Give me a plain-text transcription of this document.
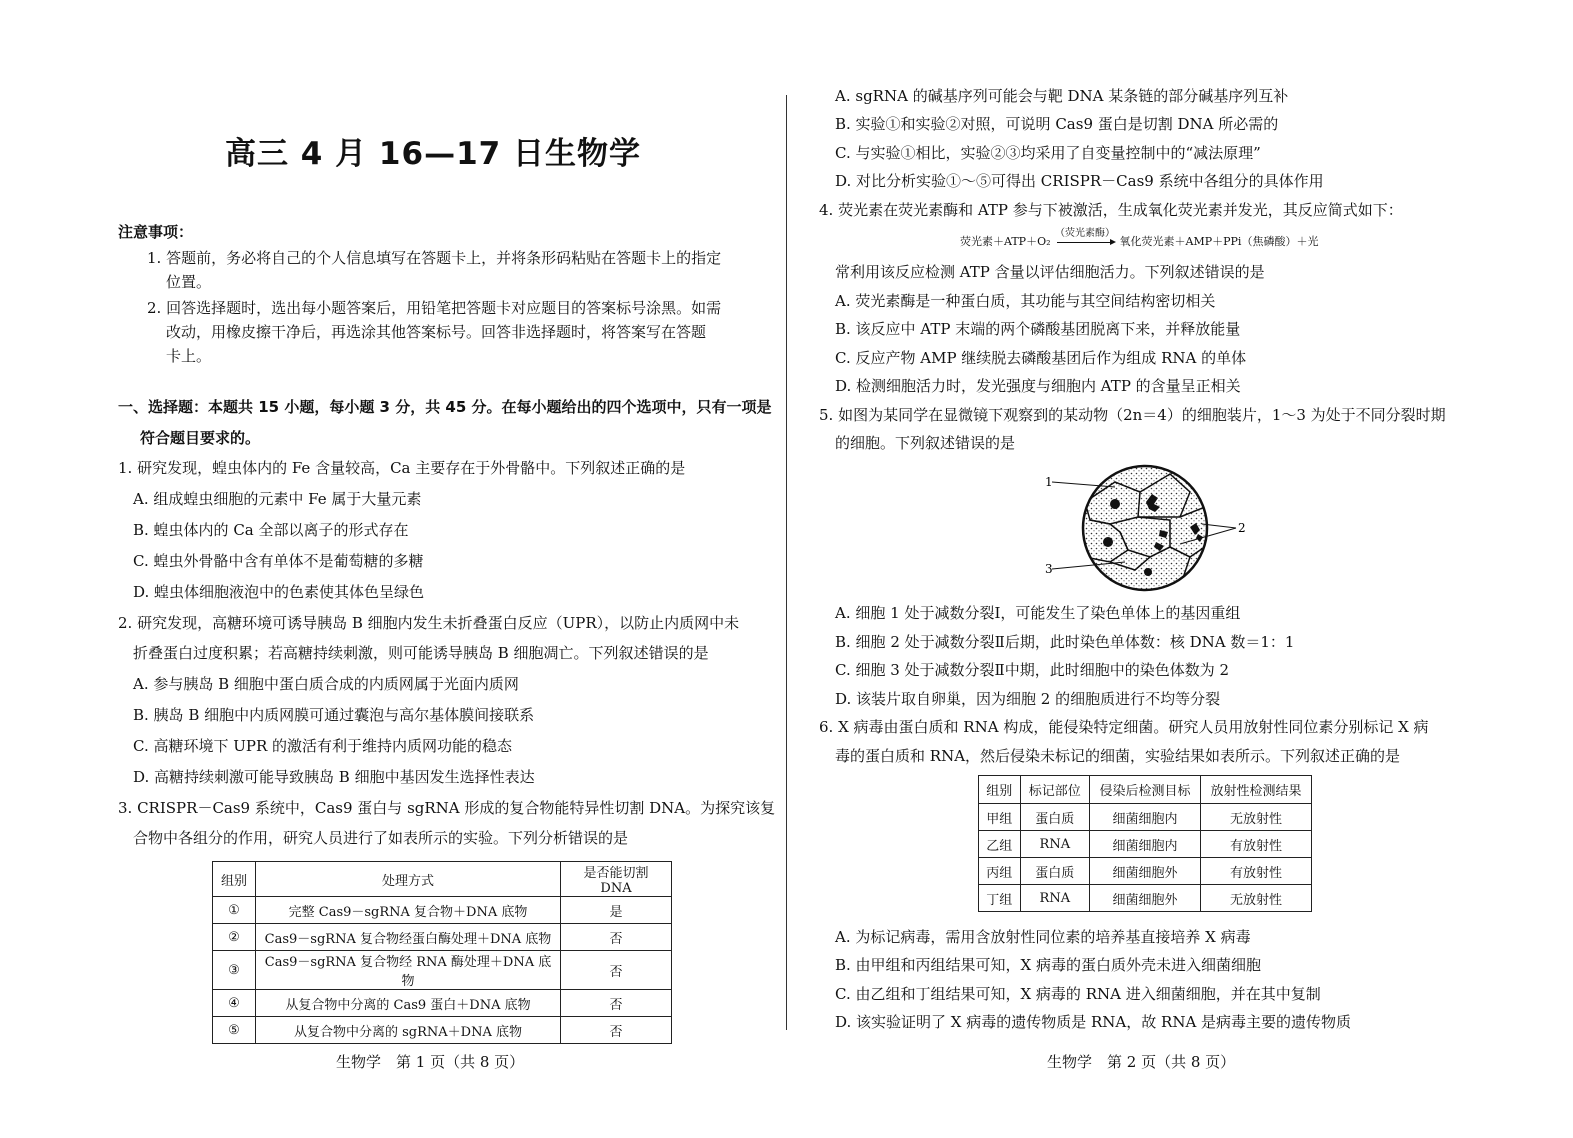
高三 4 月 16—17 日生物学
注意事项：
1. 答题前，务必将自己的个人信息填写在答题卡上，并将条形码粘贴在答题卡上的指定
位置。
2. 回答选择题时，选出每小题答案后，用铅笔把答题卡对应题目的答案标号涂黑。如需
改动，用橡皮擦干净后，再选涂其他答案标号。回答非选择题时，将答案写在答题
卡上。
一、选择题：本题共 15 小题，每小题 3 分，共 45 分。在每小题给出的四个选项中，只有一项是
符合题目要求的。
1. 研究发现，蝗虫体内的 Fe 含量较高，Ca 主要存在于外骨骼中。下列叙述正确的是
A. 组成蝗虫细胞的元素中 Fe 属于大量元素
B. 蝗虫体内的 Ca 全部以离子的形式存在
C. 蝗虫外骨骼中含有单体不是葡萄糖的多糖
D. 蝗虫体细胞液泡中的色素使其体色呈绿色
2. 研究发现，高糖环境可诱导胰岛 B 细胞内发生未折叠蛋白反应（UPR），以防止内质网中未
折叠蛋白过度积累；若高糖持续刺激，则可能诱导胰岛 B 细胞凋亡。下列叙述错误的是
A. 参与胰岛 B 细胞中蛋白质合成的内质网属于光面内质网
B. 胰岛 B 细胞中内质网膜可通过囊泡与高尔基体膜间接联系
C. 高糖环境下 UPR 的激活有利于维持内质网功能的稳态
D. 高糖持续刺激可能导致胰岛 B 细胞中基因发生选择性表达
3. CRISPR－Cas9 系统中，Cas9 蛋白与 sgRNA 形成的复合物能特异性切割 DNA。为探究该复
合物中各组分的作用，研究人员进行了如表所示的实验。下列分析错误的是
组别	处理方式	是否能切割 DNA
①	完整 Cas9－sgRNA 复合物＋DNA 底物	是
②	Cas9－sgRNA 复合物经蛋白酶处理＋DNA 底物	否
③	Cas9－sgRNA 复合物经 RNA 酶处理＋DNA 底物	否
④	从复合物中分离的 Cas9 蛋白＋DNA 底物	否
⑤	从复合物中分离的 sgRNA＋DNA 底物	否
生物学　第 1 页（共 8 页）
A. sgRNA 的碱基序列可能会与靶 DNA 某条链的部分碱基序列互补
B. 实验①和实验②对照，可说明 Cas9 蛋白是切割 DNA 所必需的
C. 与实验①相比，实验②③均采用了自变量控制中的“减法原理”
D. 对比分析实验①～⑤可得出 CRISPR－Cas9 系统中各组分的具体作用
4. 荧光素在荧光素酶和 ATP 参与下被激活，生成氧化荧光素并发光，其反应简式如下：
荧光素＋ATP＋O₂
（荧光素酶）
氧化荧光素＋AMP＋PPi（焦磷酸）＋光
常利用该反应检测 ATP 含量以评估细胞活力。下列叙述错误的是
A. 荧光素酶是一种蛋白质，其功能与其空间结构密切相关
B. 该反应中 ATP 末端的两个磷酸基团脱离下来，并释放能量
C. 反应产物 AMP 继续脱去磷酸基团后作为组成 RNA 的单体
D. 检测细胞活力时，发光强度与细胞内 ATP 的含量呈正相关
5. 如图为某同学在显微镜下观察到的某动物（2n＝4）的细胞装片，1～3 为处于不同分裂时期
的细胞。下列叙述错误的是
1
2
3
A. 细胞 1 处于减数分裂Ⅰ，可能发生了染色单体上的基因重组
B. 细胞 2 处于减数分裂Ⅱ后期，此时染色单体数：核 DNA 数＝1：1
C. 细胞 3 处于减数分裂Ⅱ中期，此时细胞中的染色体数为 2
D. 该装片取自卵巢，因为细胞 2 的细胞质进行不均等分裂
6. X 病毒由蛋白质和 RNA 构成，能侵染特定细菌。研究人员用放射性同位素分别标记 X 病
毒的蛋白质和 RNA，然后侵染未标记的细菌，实验结果如表所示。下列叙述正确的是
组别	标记部位	侵染后检测目标	放射性检测结果
甲组	蛋白质	细菌细胞内	无放射性
乙组	RNA	细菌细胞内	有放射性
丙组	蛋白质	细菌细胞外	有放射性
丁组	RNA	细菌细胞外	无放射性
A. 为标记病毒，需用含放射性同位素的培养基直接培养 X 病毒
B. 由甲组和丙组结果可知，X 病毒的蛋白质外壳未进入细菌细胞
C. 由乙组和丁组结果可知，X 病毒的 RNA 进入细菌细胞，并在其中复制
D. 该实验证明了 X 病毒的遗传物质是 RNA，故 RNA 是病毒主要的遗传物质
生物学　第 2 页（共 8 页）
